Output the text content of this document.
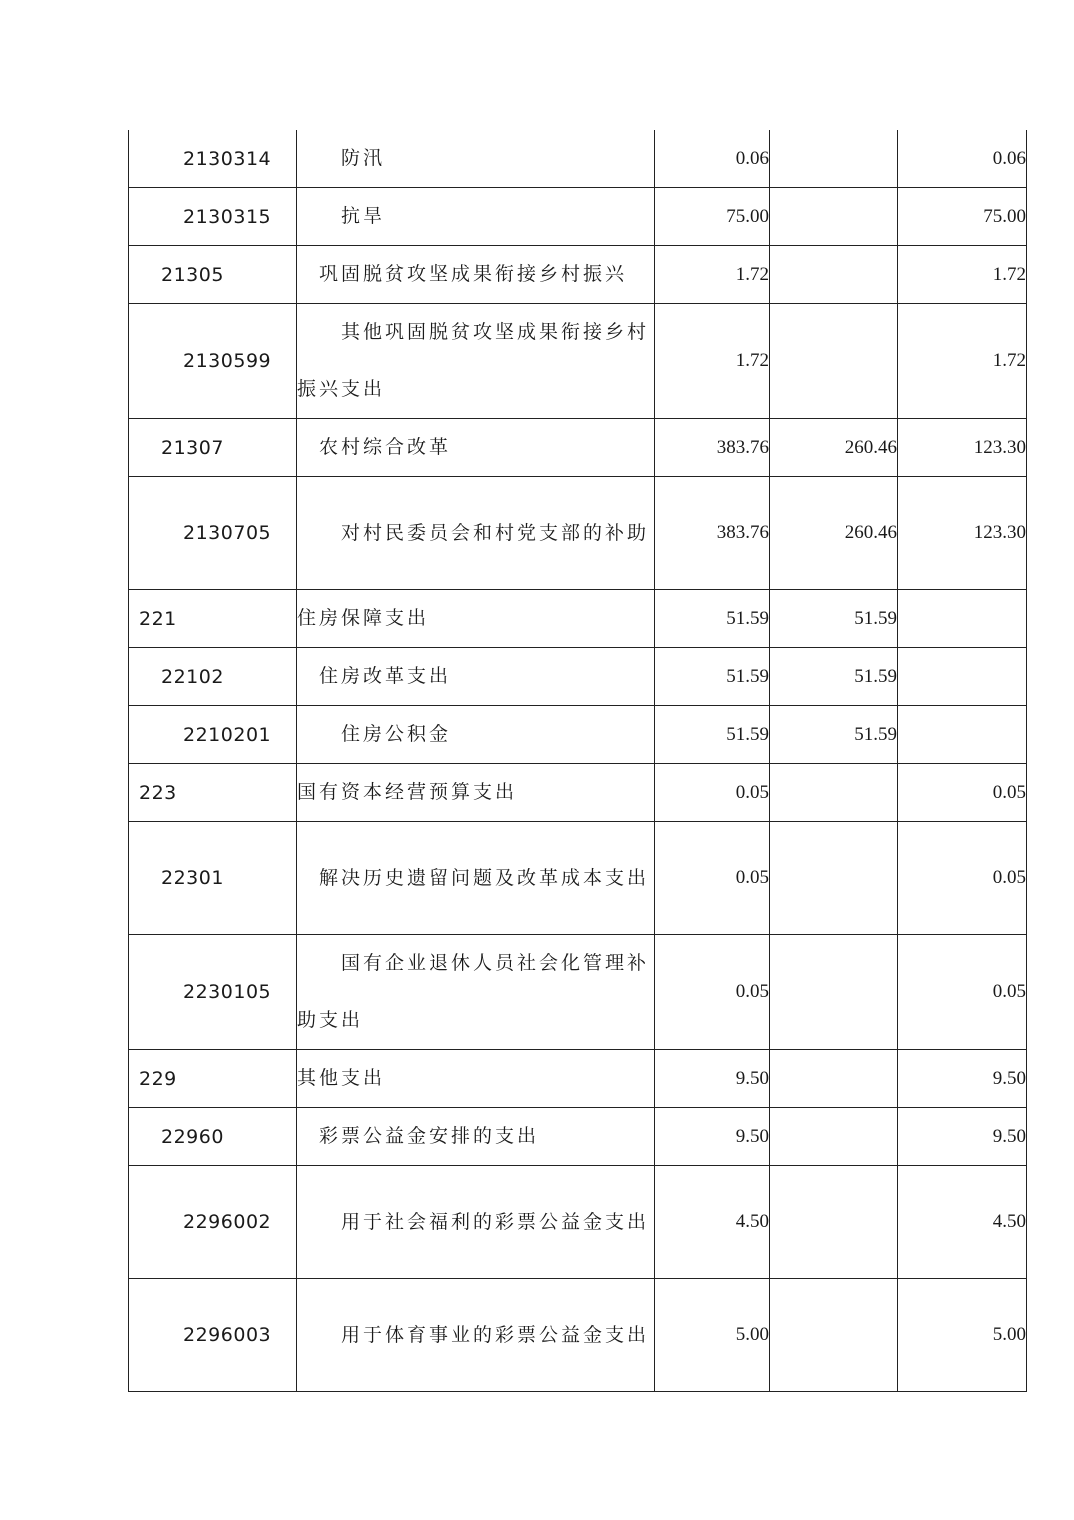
2130314	防汛	0.06		0.06
2130315	抗旱	75.00		75.00
21305	巩固脱贫攻坚成果衔接乡村振兴	1.72		1.72
2130599	其他巩固脱贫攻坚成果衔接乡村振兴支出	1.72		1.72
21307	农村综合改革	383.76	260.46	123.30
2130705	对村民委员会和村党支部的补助	383.76	260.46	123.30
221	住房保障支出	51.59	51.59	
22102	住房改革支出	51.59	51.59	
2210201	住房公积金	51.59	51.59	
223	国有资本经营预算支出	0.05		0.05
22301	解决历史遗留问题及改革成本支出	0.05		0.05
2230105	国有企业退休人员社会化管理补助支出	0.05		0.05
229	其他支出	9.50		9.50
22960	彩票公益金安排的支出	9.50		9.50
2296002	用于社会福利的彩票公益金支出	4.50		4.50
2296003	用于体育事业的彩票公益金支出	5.00		5.00
